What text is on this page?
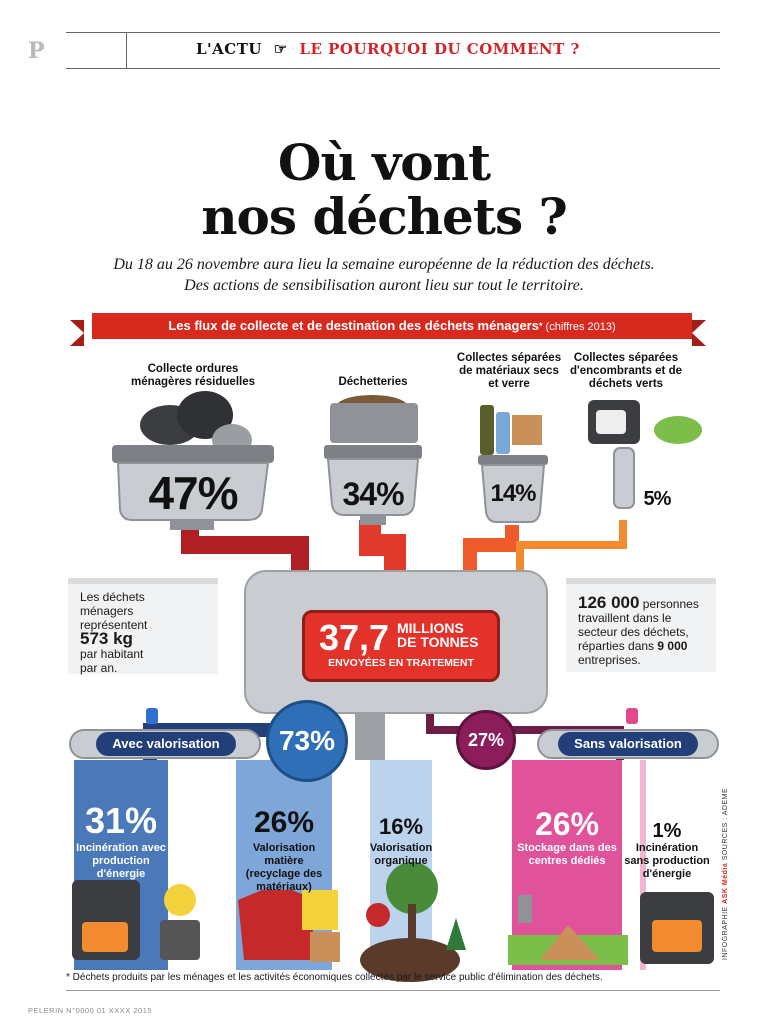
P	L'ACTU ☞ LE POURQUOI DU COMMENT ?
Où vont
nos déchets ?
Du 18 au 26 novembre aura lieu la semaine européenne de la réduction des déchets.
Des actions de sensibilisation auront lieu sur tout le territoire.
Les flux de collecte et de destination des déchets ménagers* (chiffres 2013)
Collecte ordures ménagères résiduelles	Déchetteries
Collectes séparées de matériaux secs et verre
Collectes séparées d'encombrants et de déchets verts
47%	34%	14%	5%
Les déchets ménagers représentent
573 kg
par habitant par an.
126 000 personnes travaillent dans le secteur des déchets, réparties dans 9 000 entreprises.
37,7 MILLIONS
DE TONNES
ENVOYÉES EN TRAITEMENT
73%	27%
Avec valorisation	Sans valorisation
31%
Incinération avec production d'énergie
26%
Valorisation matière (recyclage des matériaux)
16%
Valorisation organique
26%
Stockage dans des centres dédiés
1%
Incinération sans production d'énergie
INFOGRAPHIE ASK Média SOURCES : ADEME
* Déchets produits par les ménages et les activités économiques collectés par le service public d'élimination des déchets.
PELERIN N°0000 01 XXXX 2015
